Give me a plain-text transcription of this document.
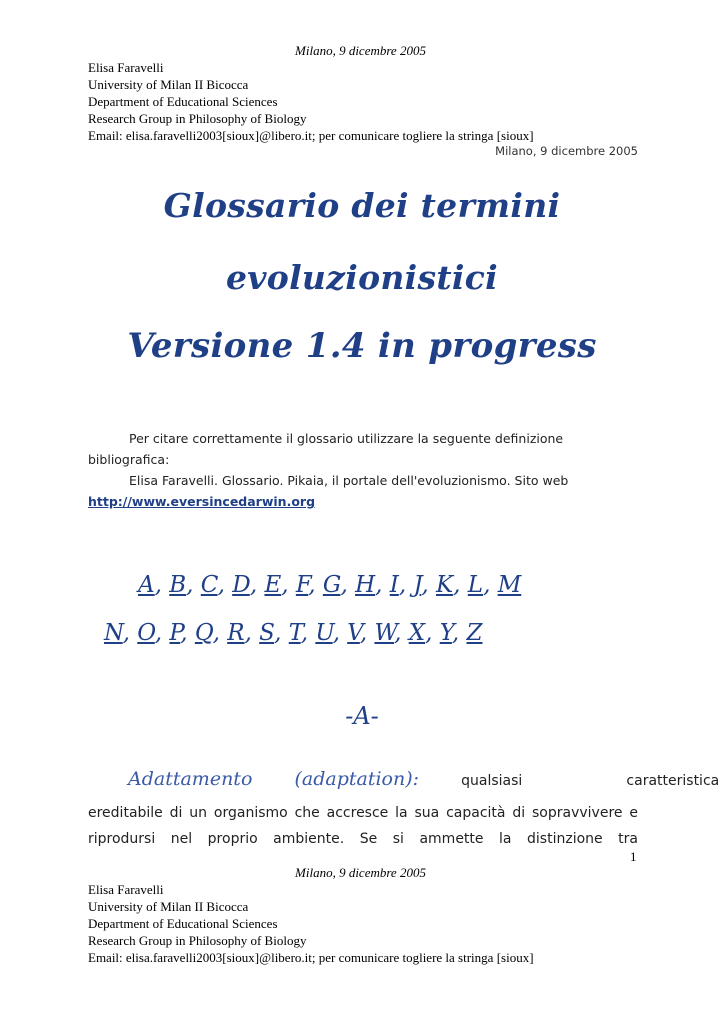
Milano, 9 dicembre 2005
Elisa Faravelli
University of Milan II Bicocca
Department of Educational Sciences
Research Group in Philosophy of Biology
Email: elisa.faravelli2003[sioux]@libero.it; per comunicare togliere la stringa [sioux]
Milano, 9 dicembre 2005
Glossario dei termini
evoluzionistici
Versione 1.4 in progress

Per citare correttamente il glossario utilizzare la seguente definizione bibliografica:

Elisa Faravelli. Glossario. Pikaia, il portale dell'evoluzionismo. Sito web

http://www.eversincedarwin.org

A, B, C, D, E, F, G, H, I, J, K, L, M
N, O, P, Q, R, S, T, U, V, W, X, Y, Z
-A-
Adattamento (adaptation):	qualsiasi	caratteristica

ereditabile di un organismo che accresce la sua capacità di sopravvivere e

riprodursi nel proprio ambiente. Se si ammette la distinzione tra

1
Milano, 9 dicembre 2005
Elisa Faravelli
University of Milan II Bicocca
Department of Educational Sciences
Research Group in Philosophy of Biology
Email: elisa.faravelli2003[sioux]@libero.it; per comunicare togliere la stringa [sioux]
